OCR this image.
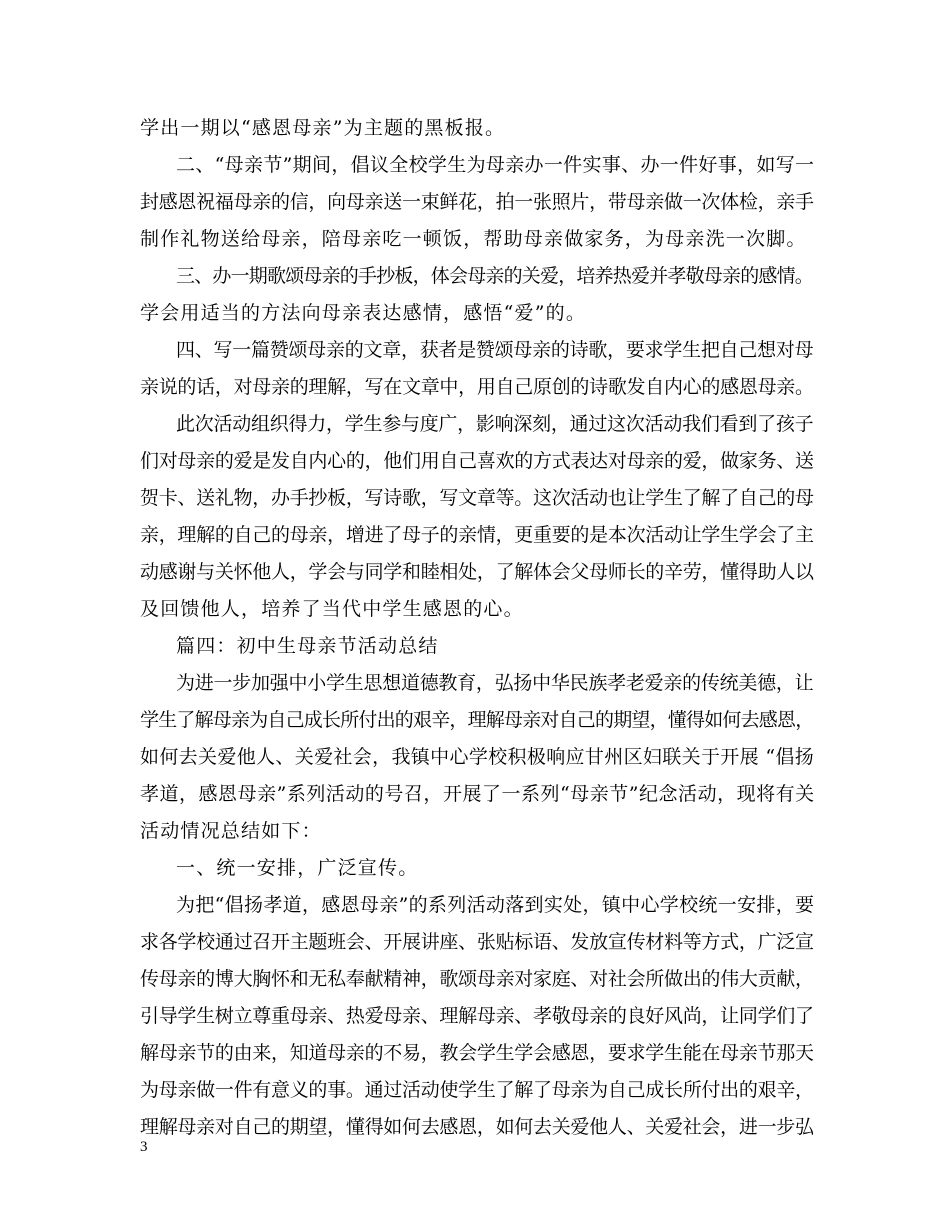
学出一期以“感恩母亲”为主题的黑板报。
二、“母亲节”期间，倡议全校学生为母亲办一件实事、办一件好事，如写一
封感恩祝福母亲的信，向母亲送一束鲜花，拍一张照片，带母亲做一次体检，亲手
制作礼物送给母亲，陪母亲吃一顿饭，帮助母亲做家务，为母亲洗一次脚。
三、办一期歌颂母亲的手抄板，体会母亲的关爱，培养热爱并孝敬母亲的感情。
学会用适当的方法向母亲表达感情，感悟“爱”的。
四、写一篇赞颂母亲的文章，获者是赞颂母亲的诗歌，要求学生把自己想对母
亲说的话，对母亲的理解，写在文章中，用自己原创的诗歌发自内心的感恩母亲。
此次活动组织得力，学生参与度广，影响深刻，通过这次活动我们看到了孩子
们对母亲的爱是发自内心的，他们用自己喜欢的方式表达对母亲的爱，做家务、送
贺卡、送礼物，办手抄板，写诗歌，写文章等。这次活动也让学生了解了自己的母
亲，理解的自己的母亲，增进了母子的亲情，更重要的是本次活动让学生学会了主
动感谢与关怀他人，学会与同学和睦相处，了解体会父母师长的辛劳，懂得助人以
及回馈他人，培养了当代中学生感恩的心。
篇四：初中生母亲节活动总结
为进一步加强中小学生思想道德教育，弘扬中华民族孝老爱亲的传统美德，让
学生了解母亲为自己成长所付出的艰辛，理解母亲对自己的期望，懂得如何去感恩，
如何去关爱他人、关爱社会，我镇中心学校积极响应甘州区妇联关于开展 “倡扬
孝道，感恩母亲”系列活动的号召，开展了一系列“母亲节”纪念活动，现将有关
活动情况总结如下：
一、统一安排，广泛宣传。
为把“倡扬孝道，感恩母亲”的系列活动落到实处，镇中心学校统一安排，要
求各学校通过召开主题班会、开展讲座、张贴标语、发放宣传材料等方式，广泛宣
传母亲的博大胸怀和无私奉献精神，歌颂母亲对家庭、对社会所做出的伟大贡献，
引导学生树立尊重母亲、热爱母亲、理解母亲、孝敬母亲的良好风尚，让同学们了
解母亲节的由来，知道母亲的不易，教会学生学会感恩，要求学生能在母亲节那天
为母亲做一件有意义的事。通过活动使学生了解了母亲为自己成长所付出的艰辛，
理解母亲对自己的期望，懂得如何去感恩，如何去关爱他人、关爱社会，进一步弘
3
